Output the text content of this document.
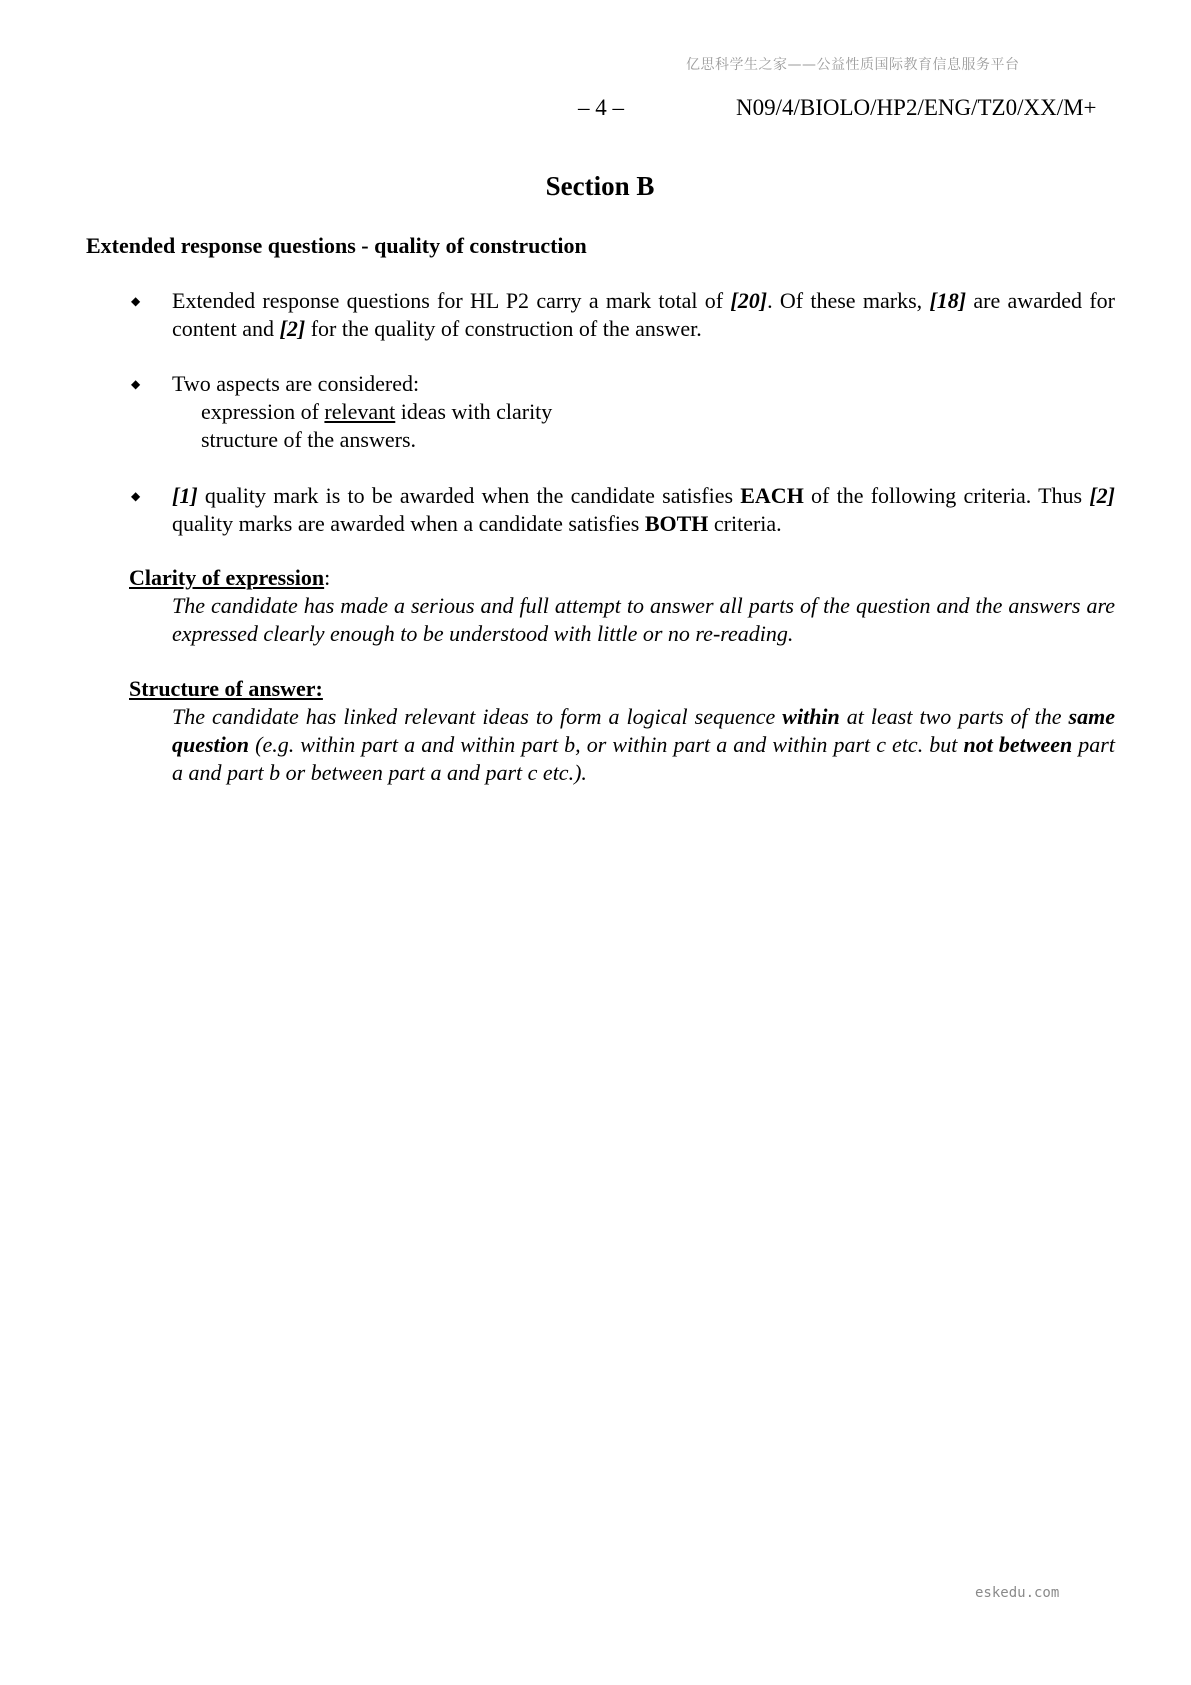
亿思科学生之家——公益性质国际教育信息服务平台
– 4 –	N09/4/BIOLO/HP2/ENG/TZ0/XX/M+
Section B
Extended response questions - quality of construction
◆ Extended response questions for HL P2 carry a mark total of [20]. Of these marks, [18] are awarded for content and [2] for the quality of construction of the answer.
◆ Two aspects are considered:
expression of relevant ideas with clarity
structure of the answers.
◆ [1] quality mark is to be awarded when the candidate satisfies EACH of the following criteria. Thus [2] quality marks are awarded when a candidate satisfies BOTH criteria.
Clarity of expression:
The candidate has made a serious and full attempt to answer all parts of the question and the answers are expressed clearly enough to be understood with little or no re-reading.
Structure of answer:
The candidate has linked relevant ideas to form a logical sequence within at least two parts of the same question (e.g. within part a and within part b, or within part a and within part c etc. but not between part a and part b or between part a and part c etc.).
eskedu.com
